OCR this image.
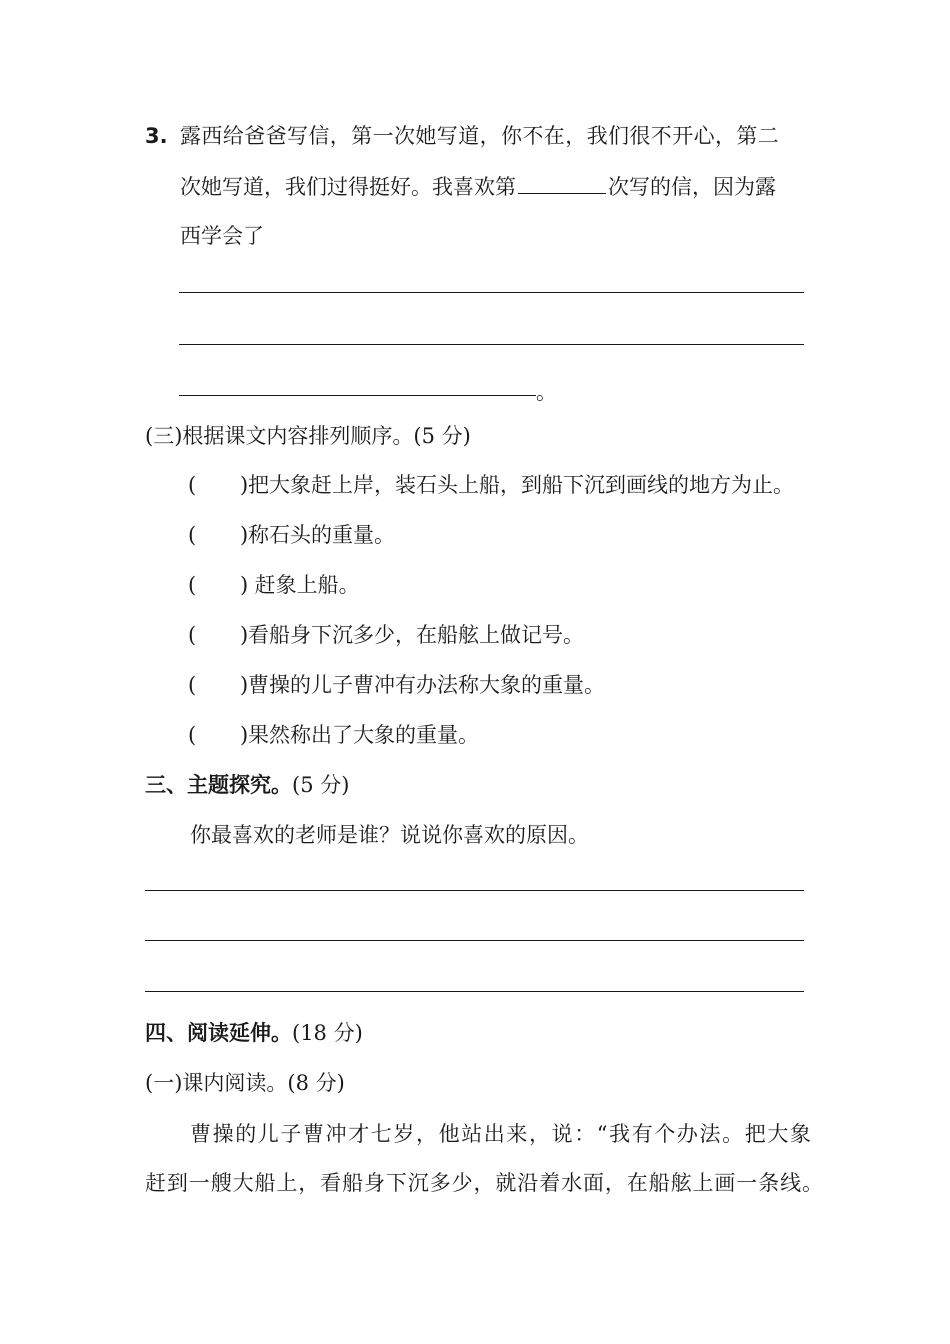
3. 露西给爸爸写信，第一次她写道，你不在，我们很不开心，第二
次她写道，我们过得挺好。我喜欢第	次写的信，因为露
西学会了
。
(三)根据课文内容排列顺序。(5 分)
( ) 把大象赶上岸，装石头上船，到船下沉到画线的地方为止。
( ) 称石头的重量。
( ) 赶象上船。
( ) 看船身下沉多少，在船舷上做记号。
( ) 曹操的儿子曹冲有办法称大象的重量。
( ) 果然称出了大象的重量。
三、主题探究。(5 分)
你最喜欢的老师是谁？说说你喜欢的原因。
四、阅读延伸。(18 分)
(一)课内阅读。(8 分)
曹操的儿子曹冲才七岁，他站出来，说：“我有个办法。把大象
赶到一艘大船上，看船身下沉多少，就沿着水面，在船舷上画一条线。
